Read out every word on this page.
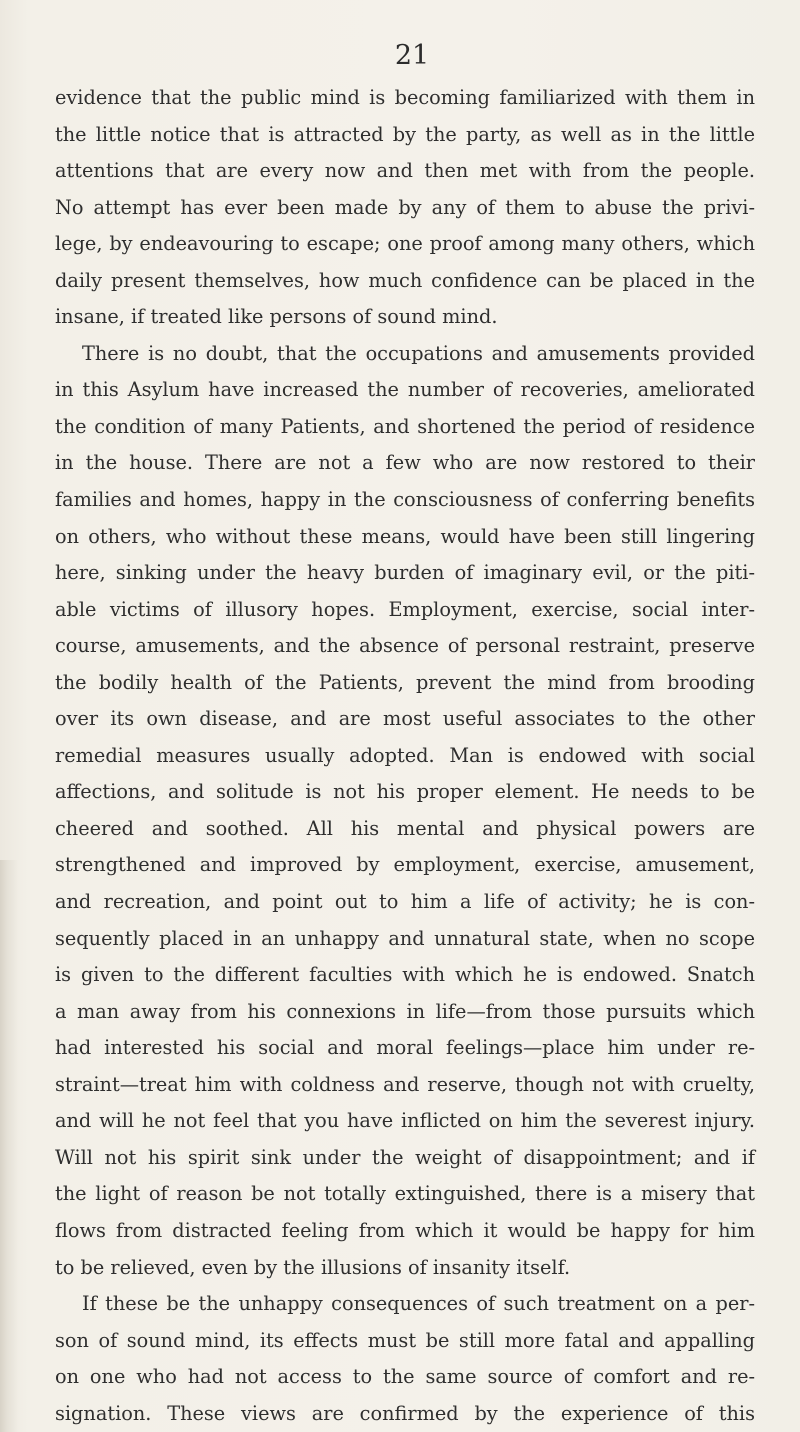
21
evidence that the public mind is becoming familiarized with them in
the little notice that is attracted by the party, as well as in the little
attentions that are every now and then met with from the people.
No attempt has ever been made by any of them to abuse the privi-
lege, by endeavouring to escape; one proof among many others, which
daily present themselves, how much confidence can be placed in the
insane, if treated like persons of sound mind.
There is no doubt, that the occupations and amusements provided
in this Asylum have increased the number of recoveries, ameliorated
the condition of many Patients, and shortened the period of residence
in the house. There are not a few who are now restored to their
families and homes, happy in the consciousness of conferring benefits
on others, who without these means, would have been still lingering
here, sinking under the heavy burden of imaginary evil, or the piti-
able victims of illusory hopes. Employment, exercise, social inter-
course, amusements, and the absence of personal restraint, preserve
the bodily health of the Patients, prevent the mind from brooding
over its own disease, and are most useful associates to the other
remedial measures usually adopted. Man is endowed with social
affections, and solitude is not his proper element. He needs to be
cheered and soothed. All his mental and physical powers are
strengthened and improved by employment, exercise, amusement,
and recreation, and point out to him a life of activity; he is con-
sequently placed in an unhappy and unnatural state, when no scope
is given to the different faculties with which he is endowed. Snatch
a man away from his connexions in life—from those pursuits which
had interested his social and moral feelings—place him under re-
straint—treat him with coldness and reserve, though not with cruelty,
and will he not feel that you have inflicted on him the severest injury.
Will not his spirit sink under the weight of disappointment; and if
the light of reason be not totally extinguished, there is a misery that
flows from distracted feeling from which it would be happy for him
to be relieved, even by the illusions of insanity itself.
If these be the unhappy consequences of such treatment on a per-
son of sound mind, its effects must be still more fatal and appalling
on one who had not access to the same source of comfort and re-
signation. These views are confirmed by the experience of this
